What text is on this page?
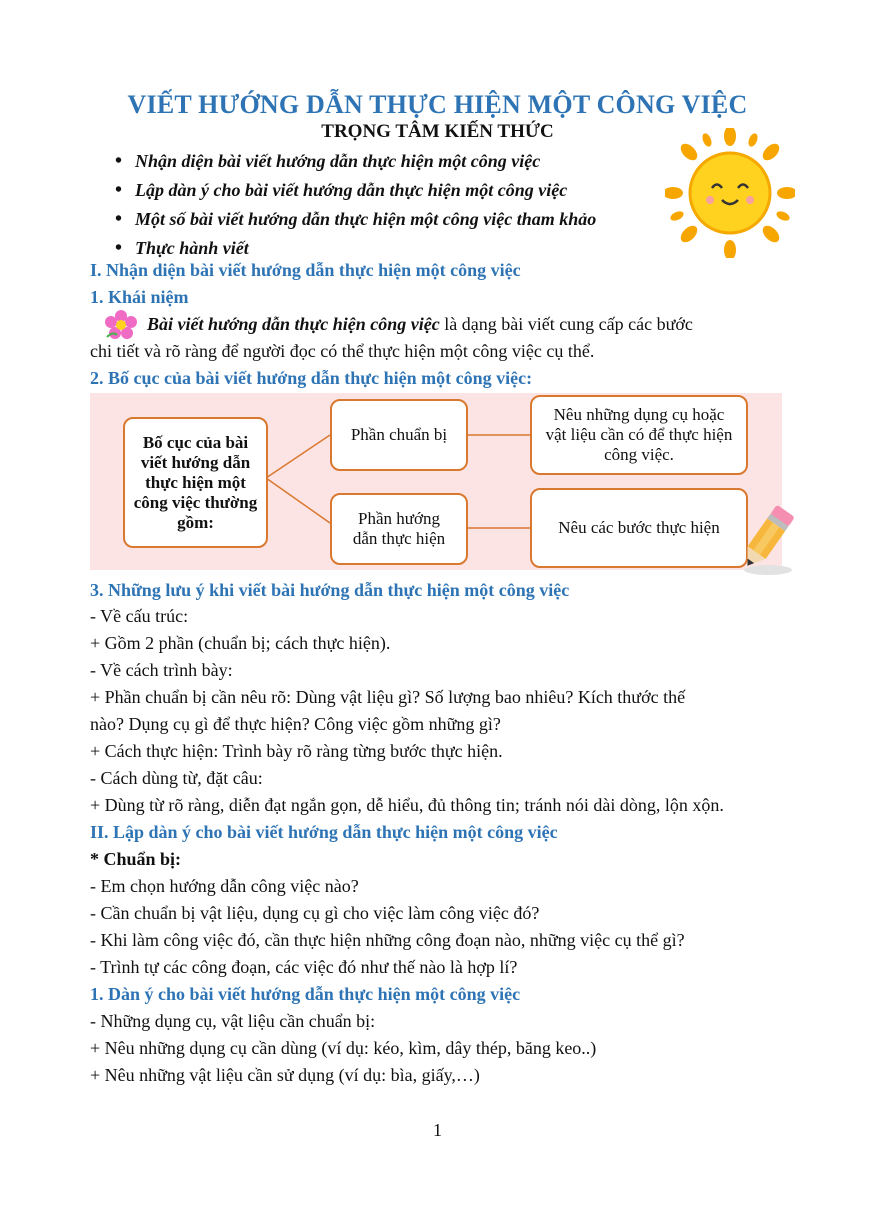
VIẾT HƯỚNG DẪN THỰC HIỆN MỘT CÔNG VIỆC
TRỌNG TÂM KIẾN THỨC
• Nhận diện bài viết hướng dẫn thực hiện một công việc
• Lập dàn ý cho bài viết hướng dẫn thực hiện một công việc
• Một số bài viết hướng dẫn thực hiện một công việc tham khảo
• Thực hành viết
I. Nhận diện bài viết hướng dẫn thực hiện một công việc
1. Khái niệm
Bài viết hướng dẫn thực hiện công việc là dạng bài viết cung cấp các bước
chi tiết và rõ ràng để người đọc có thể thực hiện một công việc cụ thể.
2. Bố cục của bài viết hướng dẫn thực hiện một công việc:
Bố cục của bài viết hướng dẫn thực hiện một công việc thường gồm:
Phần chuẩn bị
Nêu những dụng cụ hoặc vật liệu cần có để thực hiện công việc.
Phần hướng dẫn thực hiện
Nêu các bước thực hiện
3. Những lưu ý khi viết bài hướng dẫn thực hiện một công việc
- Về cấu trúc:
+ Gồm 2 phần (chuẩn bị; cách thực hiện).
- Về cách trình bày:
+ Phần chuẩn bị cần nêu rõ: Dùng vật liệu gì? Số lượng bao nhiêu? Kích thước thế
nào? Dụng cụ gì để thực hiện? Công việc gồm những gì?
+ Cách thực hiện: Trình bày rõ ràng từng bước thực hiện.
- Cách dùng từ, đặt câu:
+ Dùng từ rõ ràng, diễn đạt ngắn gọn, dễ hiểu, đủ thông tin; tránh nói dài dòng, lộn xộn.
II. Lập dàn ý cho bài viết hướng dẫn thực hiện một công việc
* Chuẩn bị:
- Em chọn hướng dẫn công việc nào?
- Cần chuẩn bị vật liệu, dụng cụ gì cho việc làm công việc đó?
- Khi làm công việc đó, cần thực hiện những công đoạn nào, những việc cụ thể gì?
- Trình tự các công đoạn, các việc đó như thế nào là hợp lí?
1. Dàn ý cho bài viết hướng dẫn thực hiện một công việc
- Những dụng cụ, vật liệu cần chuẩn bị:
+ Nêu những dụng cụ cần dùng (ví dụ: kéo, kìm, dây thép, băng keo..)
+ Nêu những vật liệu cần sử dụng (ví dụ: bìa, giấy,…)
1
